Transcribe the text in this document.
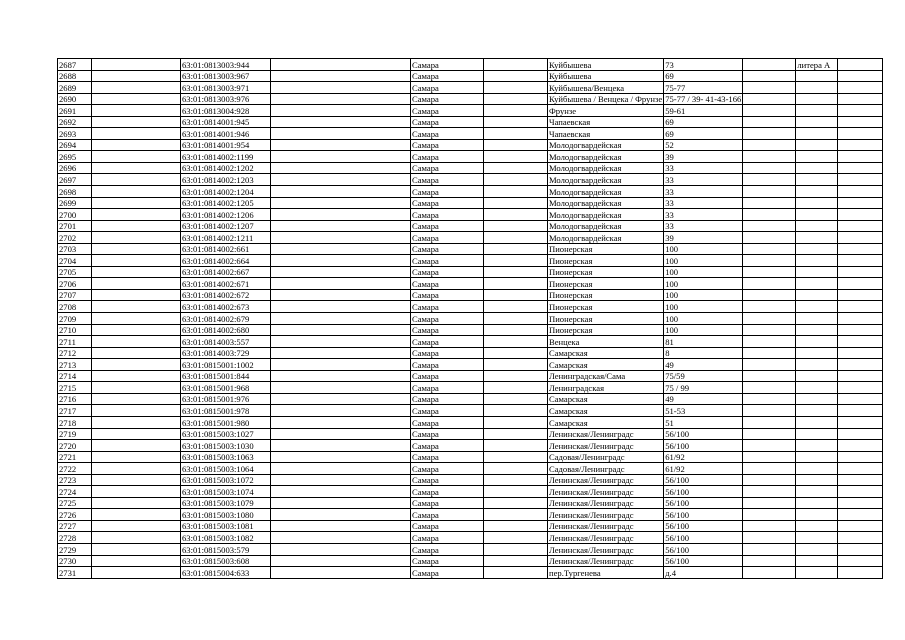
2687		63:01:0813003:944		Самара		Куйбышева	73		литера А	
2688		63:01:0813003:967		Самара		Куйбышева	69			
2689		63:01:0813003:971		Самара		Куйбышева/Венцека	75-77			
2690		63:01:0813003:976		Самара		Куйбышева / Венцека / Фрунзе	75-77 / 39- 41-43-166			
2691		63:01:0813004:928		Самара		Фрунзе	59-61			
2692		63:01:0814001:945		Самара		Чапаевская	69			
2693		63:01:0814001:946		Самара		Чапаевская	69			
2694		63:01:0814001:954		Самара		Молодогвардейская	52			
2695		63:01:0814002:1199		Самара		Молодогвардейская	39			
2696		63:01:0814002:1202		Самара		Молодогвардейская	33			
2697		63:01:0814002:1203		Самара		Молодогвардейская	33			
2698		63:01:0814002:1204		Самара		Молодогвардейская	33			
2699		63:01:0814002:1205		Самара		Молодогвардейская	33			
2700		63:01:0814002:1206		Самара		Молодогвардейская	33			
2701		63:01:0814002:1207		Самара		Молодогвардейская	33			
2702		63:01:0814002:1211		Самара		Молодогвардейская	39			
2703		63:01:0814002:661		Самара		Пионерская	100			
2704		63:01:0814002:664		Самара		Пионерская	100			
2705		63:01:0814002:667		Самара		Пионерская	100			
2706		63:01:0814002:671		Самара		Пионерская	100			
2707		63:01:0814002:672		Самара		Пионерская	100			
2708		63:01:0814002:673		Самара		Пионерская	100			
2709		63:01:0814002:679		Самара		Пионерская	100			
2710		63:01:0814002:680		Самара		Пионерская	100			
2711		63:01:0814003:557		Самара		Венцека	81			
2712		63:01:0814003:729		Самара		Самарская	8			
2713		63:01:0815001:1002		Самара		Самарская	49			
2714		63:01:0815001:844		Самара		Ленинградская/Сама	75/59			
2715		63:01:0815001:968		Самара		Ленинградская	75 / 99			
2716		63:01:0815001:976		Самара		Самарская	49			
2717		63:01:0815001:978		Самара		Самарская	51-53			
2718		63:01:0815001:980		Самара		Самарская	51			
2719		63:01:0815003:1027		Самара		Ленинская/Ленинградс	56/100			
2720		63:01:0815003:1030		Самара		Ленинская/Ленинградс	56/100			
2721		63:01:0815003:1063		Самара		Садовая/Ленинградс	61/92			
2722		63:01:0815003:1064		Самара		Садовая/Ленинградс	61/92			
2723		63:01:0815003:1072		Самара		Ленинская/Ленинградс	56/100			
2724		63:01:0815003:1074		Самара		Ленинская/Ленинградс	56/100			
2725		63:01:0815003:1079		Самара		Ленинская/Ленинградс	56/100			
2726		63:01:0815003:1080		Самара		Ленинская/Ленинградс	56/100			
2727		63:01:0815003:1081		Самара		Ленинская/Ленинградс	56/100			
2728		63:01:0815003:1082		Самара		Ленинская/Ленинградс	56/100			
2729		63:01:0815003:579		Самара		Ленинская/Ленинградс	56/100			
2730		63:01:0815003:608		Самара		Ленинская/Ленинградс	56/100			
2731		63:01:0815004:633		Самара		пер.Тургенева	д.4			
